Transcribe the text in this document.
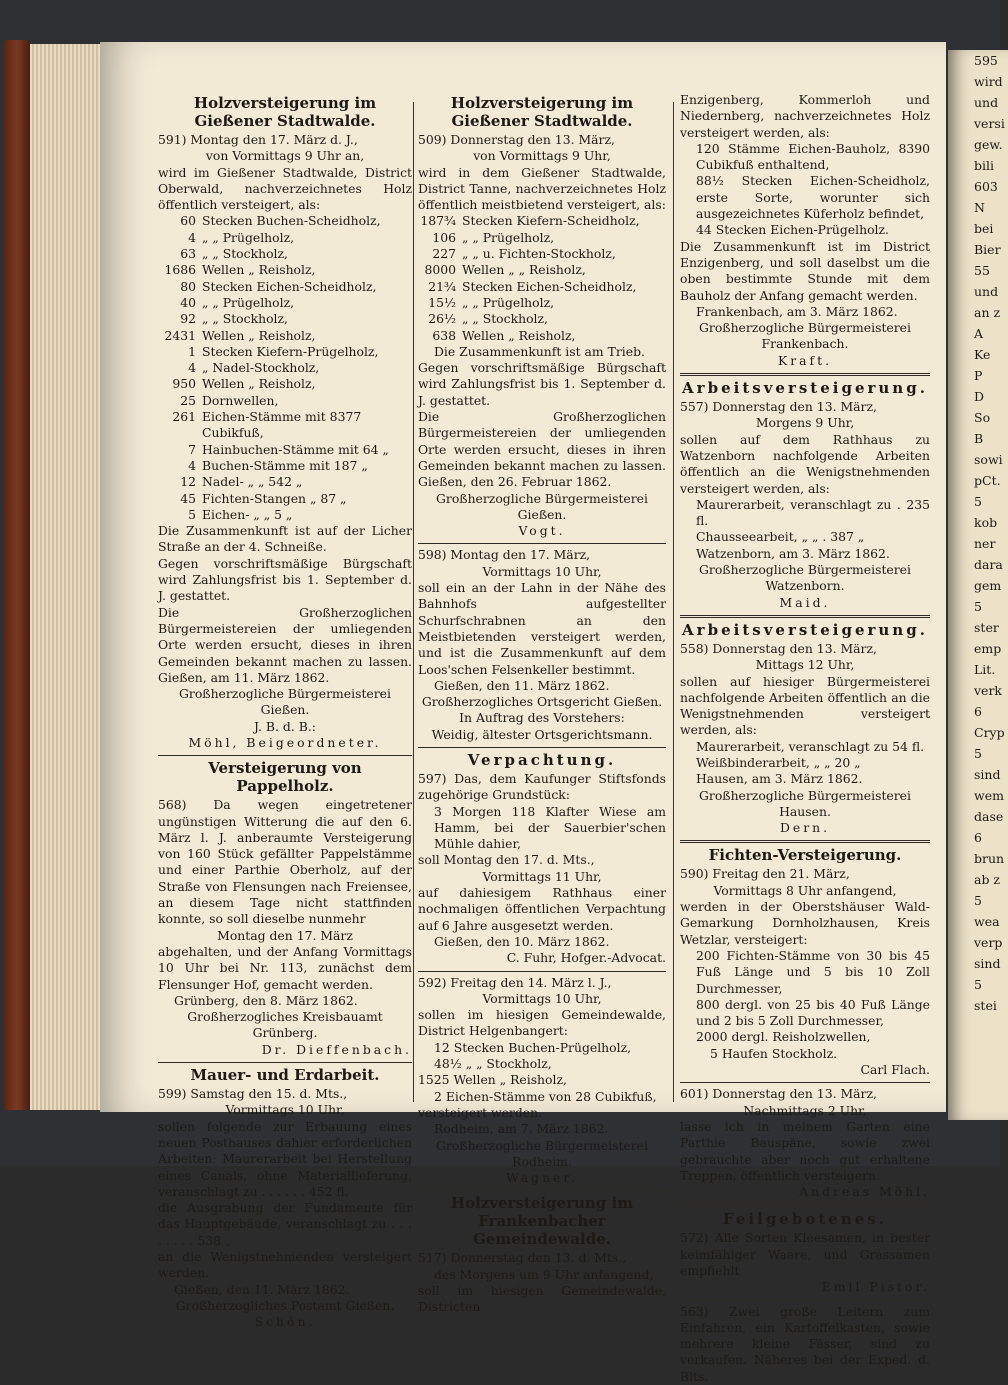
Holzversteigerung im Gießener Stadtwalde.

591) Montag den 17. März d. J.,

von Vormittags 9 Uhr an,

wird im Gießener Stadtwalde, District Oberwald, nachverzeichnetes Holz öffentlich versteigert, als:

60 Stecken Buchen-Scheidholz,
4 „ „ Prügelholz,
63 „ „ Stockholz,
1686 Wellen „ Reisholz,
80 Stecken Eichen-Scheidholz,
40 „ „ Prügelholz,
92 „ „ Stockholz,
2431 Wellen „ Reisholz,
1 Stecken Kiefern-Prügelholz,
4 „ Nadel-Stockholz,
950 Wellen „ Reisholz,
25 Dornwellen,
261 Eichen-Stämme mit 8377 Cubikfuß,
7 Hainbuchen-Stämme mit 64 „
4 Buchen-Stämme mit 187 „
12 Nadel- „ „ 542 „
45 Fichten-Stangen „ 87 „
5 Eichen- „ „ 5 „

Die Zusammenkunft ist auf der Licher Straße an der 4. Schneiße.

Gegen vorschriftsmäßige Bürgschaft wird Zahlungsfrist bis 1. September d. J. gestattet.

Die Großherzoglichen Bürgermeistereien der umliegenden Orte werden ersucht, dieses in ihren Gemeinden bekannt machen zu lassen. Gießen, am 11. März 1862.

Großherzogliche Bürgermeisterei Gießen.

J. B. d. B.:

Möhl, Beigeordneter.

Versteigerung von Pappelholz.

568) Da wegen eingetretener ungünstigen Witterung die auf den 6. März l. J. anberaumte Versteigerung von 160 Stück gefällter Pappelstämme und einer Parthie Oberholz, auf der Straße von Flensungen nach Freiensee, an diesem Tage nicht stattfinden konnte, so soll dieselbe nunmehr

Montag den 17. März

abgehalten, und der Anfang Vormittags 10 Uhr bei Nr. 113, zunächst dem Flensunger Hof, gemacht werden.

Grünberg, den 8. März 1862.

Großherzogliches Kreisbauamt Grünberg.

Dr. Dieffenbach.

Mauer- und Erdarbeit.

599) Samstag den 15. d. Mts.,

Vormittags 10 Uhr,

sollen folgende zur Erbauung eines neuen Posthauses dahier erforderlichen Arbeiten: Maurerarbeit bei Herstellung eines Canals, ohne Materiallieferung, veranschlagt zu . . . . . . 452 fl.

die Ausgrabung der Fundamente für das Hauptgebäude, veranschlagt zu . . . . . . . . 538 „

an die Wenigstnehmenden versteigert werden.

Gießen, den 11. März 1862.

Großherzogliches Postamt Gießen.

Schön.

Holzversteigerung im Gießener Stadtwalde.

509) Donnerstag den 13. März,

von Vormittags 9 Uhr,

wird in dem Gießener Stadtwalde, District Tanne, nachverzeichnetes Holz öffentlich meistbietend versteigert, als:

187¾ Stecken Kiefern-Scheidholz,
106 „ „ Prügelholz,
227 „ „ u. Fichten-Stockholz,
8000 Wellen „ „ Reisholz,
21¾ Stecken Eichen-Scheidholz,
15½ „ „ Prügelholz,
26½ „ „ Stockholz,
638 Wellen „ Reisholz,

Die Zusammenkunft ist am Trieb.

Gegen vorschriftsmäßige Bürgschaft wird Zahlungsfrist bis 1. September d. J. gestattet.

Die Großherzoglichen Bürgermeistereien der umliegenden Orte werden ersucht, dieses in ihren Gemeinden bekannt machen zu lassen. Gießen, den 26. Februar 1862.

Großherzogliche Bürgermeisterei Gießen.

Vogt.

598) Montag den 17. März,

Vormittags 10 Uhr,

soll ein an der Lahn in der Nähe des Bahnhofs aufgestellter Schurfschrabnen an den Meistbietenden versteigert werden, und ist die Zusammenkunft auf dem Loos'schen Felsenkeller bestimmt.

Gießen, den 11. März 1862.

Großherzogliches Ortsgericht Gießen.

In Auftrag des Vorstehers:

Weidig, ältester Ortsgerichtsmann.

Verpachtung.

597) Das, dem Kaufunger Stiftsfonds zugehörige Grundstück:

3 Morgen 118 Klafter Wiese am Hamm, bei der Sauerbier'schen Mühle dahier,

soll Montag den 17. d. Mts.,

Vormittags 11 Uhr,

auf dahiesigem Rathhaus einer nochmaligen öffentlichen Verpachtung auf 6 Jahre ausgesetzt werden.

Gießen, den 10. März 1862.

C. Fuhr, Hofger.-Advocat.

592) Freitag den 14. März l. J.,

Vormittags 10 Uhr,

sollen im hiesigen Gemeindewalde, District Helgenbangert:

12 Stecken Buchen-Prügelholz,

48½ „ „ Stockholz,

1525 Wellen „ Reisholz,

2 Eichen-Stämme von 28 Cubikfuß,

versteigert werden.

Rodheim, am 7. März 1862.

Großherzogliche Bürgermeisterei Rodheim.

Wagner.

Holzversteigerung im Frankenbacher Gemeindewalde.

517) Donnerstag den 13. d. Mts.,

des Morgens um 9 Uhr anfangend,

soll im hiesigen Gemeindewalde, Districten

Enzigenberg, Kommerloh und Niedernberg, nachverzeichnetes Holz versteigert werden, als:

120 Stämme Eichen-Bauholz, 8390 Cubikfuß enthaltend,

88½ Stecken Eichen-Scheidholz, erste Sorte, worunter sich ausgezeichnetes Küferholz befindet,

44 Stecken Eichen-Prügelholz.

Die Zusammenkunft ist im District Enzigenberg, und soll daselbst um die oben bestimmte Stunde mit dem Bauholz der Anfang gemacht werden.

Frankenbach, am 3. März 1862.

Großherzogliche Bürgermeisterei Frankenbach.

Kraft.

Arbeitsversteigerung.

557) Donnerstag den 13. März,

Morgens 9 Uhr,

sollen auf dem Rathhaus zu Watzenborn nachfolgende Arbeiten öffentlich an die Wenigstnehmenden versteigert werden, als:

Maurerarbeit, veranschlagt zu . 235 fl.

Chausseearbeit, „ „ . 387 „

Watzenborn, am 3. März 1862.

Großherzogliche Bürgermeisterei Watzenborn.

Maid.

Arbeitsversteigerung.

558) Donnerstag den 13. März,

Mittags 12 Uhr,

sollen auf hiesiger Bürgermeisterei nachfolgende Arbeiten öffentlich an die Wenigstnehmenden versteigert werden, als:

Maurerarbeit, veranschlagt zu 54 fl.

Weißbinderarbeit, „ „ 20 „

Hausen, am 3. März 1862.

Großherzogliche Bürgermeisterei Hausen.

Dern.

Fichten-Versteigerung.

590) Freitag den 21. März,

Vormittags 8 Uhr anfangend,

werden in der Oberstshäuser Wald-Gemarkung Dornholzhausen, Kreis Wetzlar, versteigert:

200 Fichten-Stämme von 30 bis 45 Fuß Länge und 5 bis 10 Zoll Durchmesser,

800 dergl. von 25 bis 40 Fuß Länge und 2 bis 5 Zoll Durchmesser,

2000 dergl. Reisholzwellen,

5 Haufen Stockholz.

Carl Flach.

601) Donnerstag den 13. März,

Nachmittags 2 Uhr,

lasse ich in meinem Garten eine Parthie Bauspäne, sowie zwei gebrauchte aber noch gut erhaltene Treppen, öffentlich versteigern.

Andreas Möhl.

Feilgebotenes.

572) Alle Sorten Kleesamen, in bester keimfähiger Waare, und Grassamen empfiehlt

Emil Pistor.

563) Zwei große Leitern zum Einfahren, ein Kartoffelkasten, sowie mehrere kleine Fässer, sind zu verkaufen. Näheres bei der Exped. d. Blts.

595
wird
und
versi
gew.
bili
603
N
bei
Bier
55
und
an z
A
Ke
P
D
So
B
sowi
pCt.
5
kob
ner
dara
gem
5
ster
emp
Lit.
verk
6
Cryp
5
sind
wem
dase
6
brun
ab z
5
wea
verp
sind
5
stei
